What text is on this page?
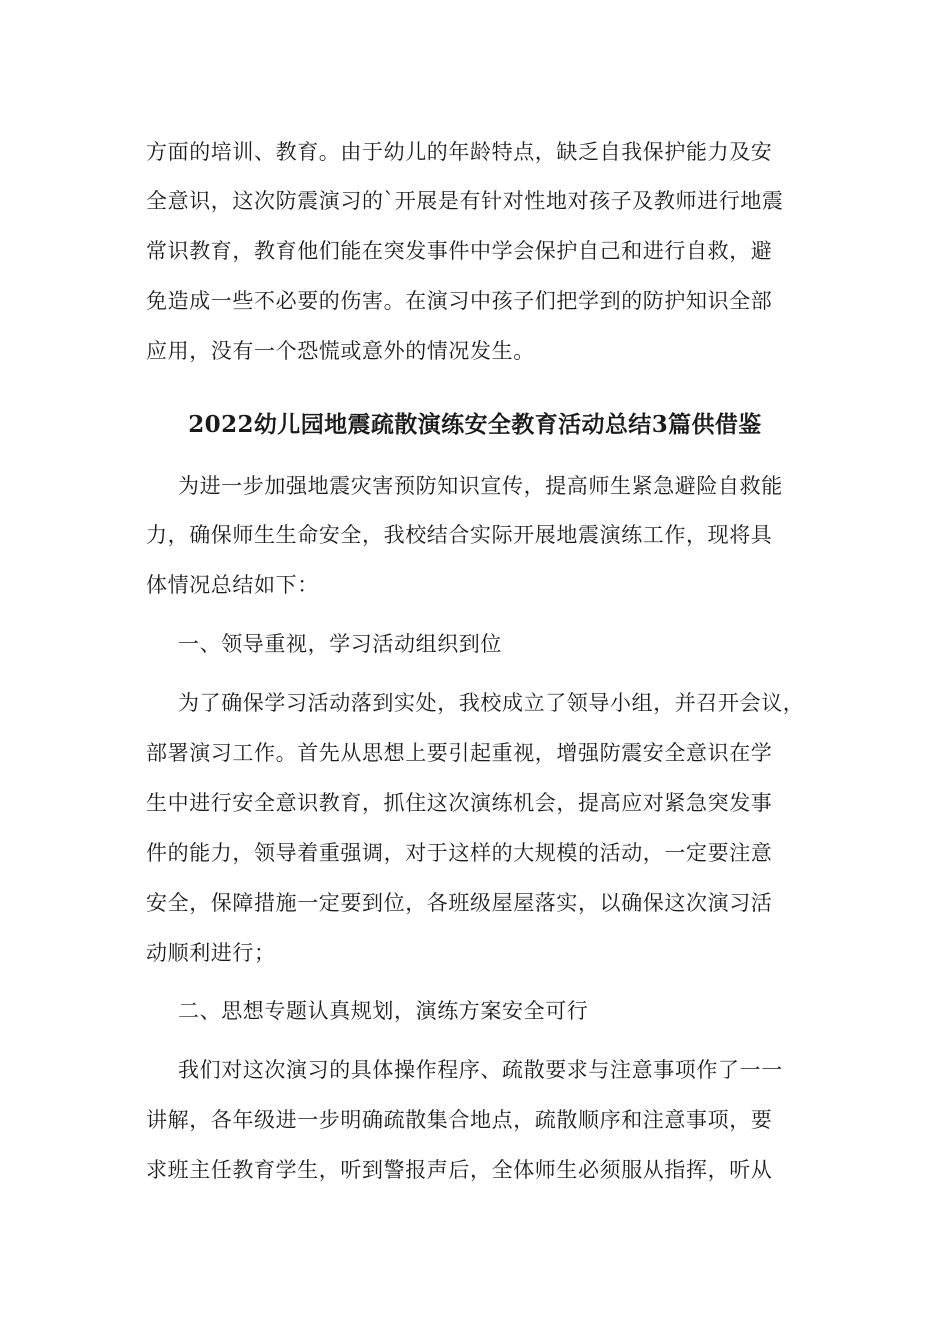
方面的培训、教育。由于幼儿的年龄特点，缺乏自我保护能力及安
全意识，这次防震演习的`开展是有针对性地对孩子及教师进行地震
常识教育，教育他们能在突发事件中学会保护自己和进行自救，避
免造成一些不必要的伤害。在演习中孩子们把学到的防护知识全部
应用，没有一个恐慌或意外的情况发生。
2022幼儿园地震疏散演练安全教育活动总结3篇供借鉴
为进一步加强地震灾害预防知识宣传，提高师生紧急避险自救能
力，确保师生生命安全，我校结合实际开展地震演练工作，现将具
体情况总结如下：
一、领导重视，学习活动组织到位
为了确保学习活动落到实处，我校成立了领导小组，并召开会议，
部署演习工作。首先从思想上要引起重视，增强防震安全意识在学
生中进行安全意识教育，抓住这次演练机会，提高应对紧急突发事
件的能力，领导着重强调，对于这样的大规模的活动，一定要注意
安全，保障措施一定要到位，各班级屋屋落实，以确保这次演习活
动顺利进行；
二、思想专题认真规划，演练方案安全可行
我们对这次演习的具体操作程序、疏散要求与注意事项作了一一
讲解，各年级进一步明确疏散集合地点，疏散顺序和注意事项，要
求班主任教育学生，听到警报声后，全体师生必须服从指挥，听从
